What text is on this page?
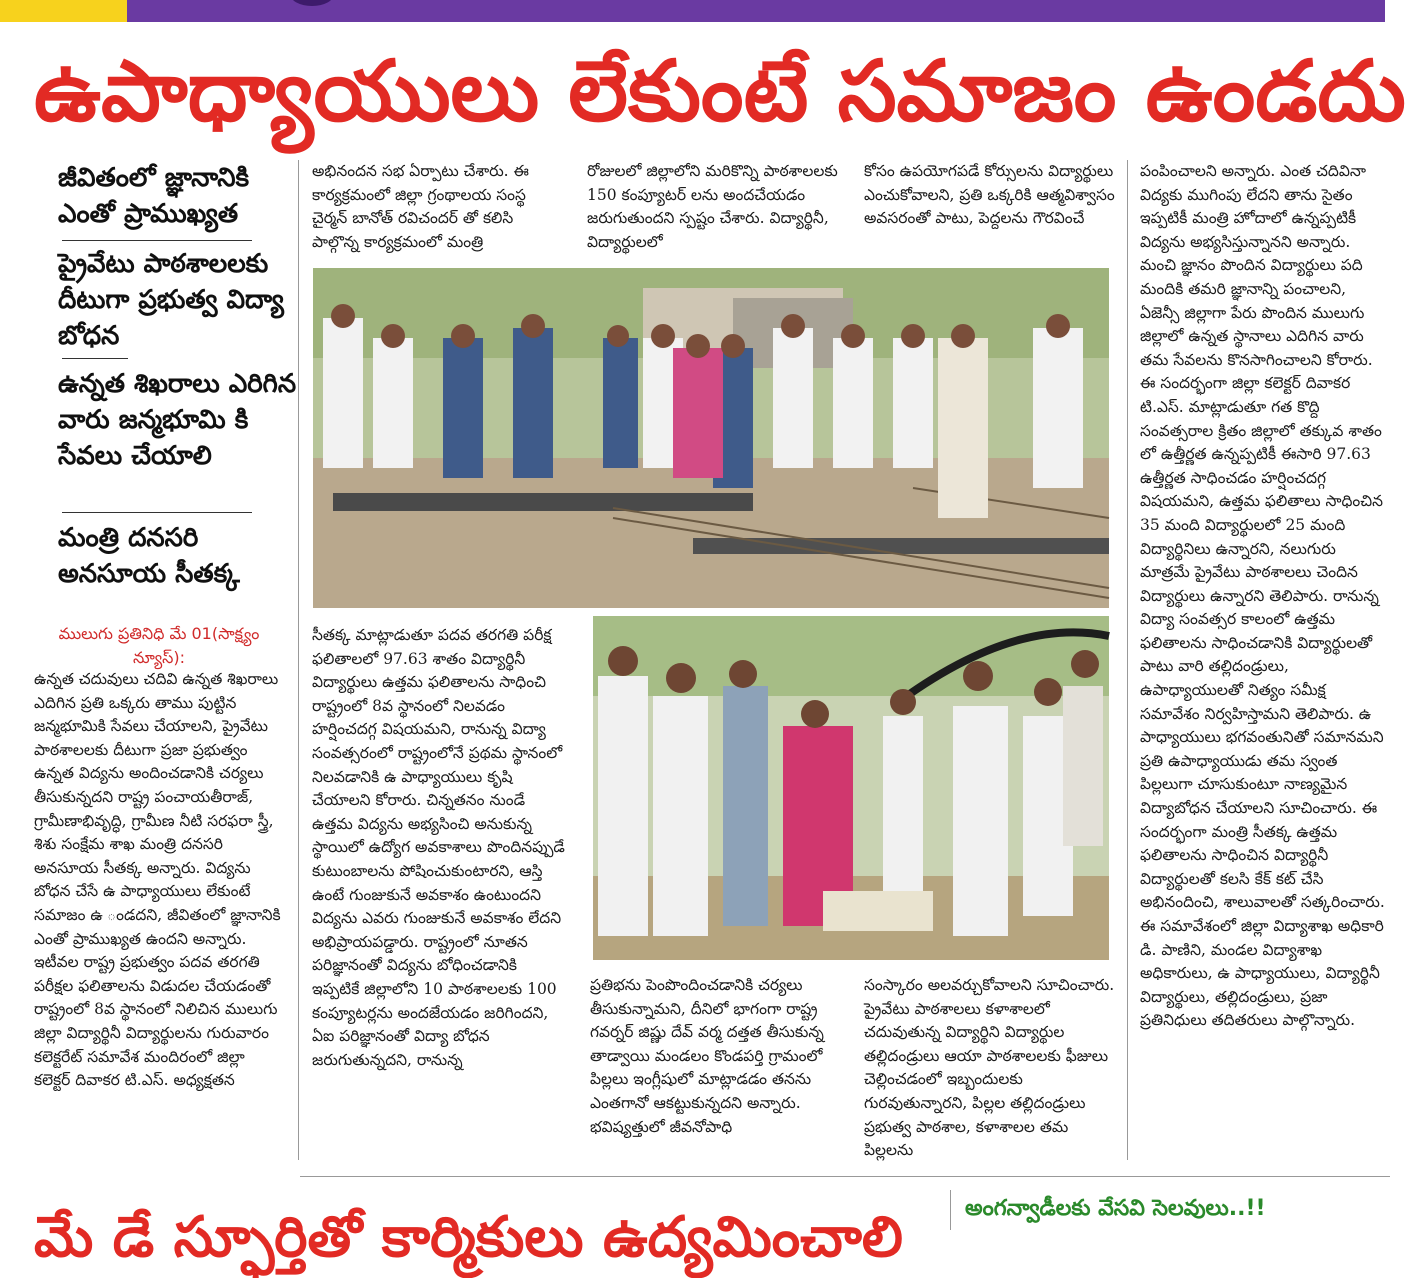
ఉపాధ్యాయులు లేకుంటే సమాజం ఉండదు
జీవితంలో జ్ఞానానికి ఎంతో ప్రాముఖ్యత
ప్రైవేటు పాఠశాలలకు దీటుగా ప్రభుత్వ విద్యా బోధన
ఉన్నత శిఖరాలు ఎరిగిన వారు జన్మభూమి కి సేవలు చేయాలి
మంత్రి దనసరి అనసూయ సీతక్క
ములుగు ప్రతినిధి మే 01(సాక్ష్యం న్యూస్):

ఉన్నత చదువులు చదివి ఉన్నత శిఖరాలు ఎదిగిన ప్రతి ఒక్కరు తాము పుట్టిన జన్మభూమికి సేవలు చేయాలని, ప్రైవేటు పాఠశాలలకు దీటుగా ప్రజా ప్రభుత్వం ఉన్నత విద్యను అందించడానికి చర్యలు తీసుకున్నదని రాష్ట్ర పంచాయతీరాజ్, గ్రామీణాభివృద్ధి, గ్రామీణ నీటి సరఫరా స్త్రీ, శిశు సంక్షేమ శాఖ మంత్రి దనసరి అనసూయ సీతక్క అన్నారు. విద్యను బోధన చేసే ఉ పాధ్యాయులు లేకుంటే సమాజం ఉ ండదని, జీవితంలో జ్ఞానానికి ఎంతో ప్రాముఖ్యత ఉందని అన్నారు. ఇటీవల రాష్ట్ర ప్రభుత్వం పదవ తరగతి పరీక్షల ఫలితాలను విడుదల చేయడంతో రాష్ట్రంలో 8వ స్థానంలో నిలిచిన ములుగు జిల్లా విద్యార్థినీ విద్యార్థులను గురువారం కలెక్టరేట్ సమావేశ మందిరంలో జిల్లా కలెక్టర్ దివాకర టి.ఎస్. అధ్యక్షతన

అభినందన సభ ఏర్పాటు చేశారు. ఈ కార్యక్రమంలో జిల్లా గ్రంథాలయ సంస్థ చైర్మన్ బానోత్ రవిచందర్ తో కలిసి పాల్గొన్న కార్యక్రమంలో మంత్రి

రోజులలో జిల్లాలోని మరికొన్ని పాఠశాలలకు 150 కంప్యూటర్ లను అందచేయడం జరుగుతుందని స్పష్టం చేశారు. విద్యార్థినీ, విద్యార్థులలో

కోసం ఉపయోగపడే కోర్సులను విద్యార్థులు ఎంచుకోవాలని, ప్రతి ఒక్కరికి ఆత్మవిశ్వాసం అవసరంతో పాటు, పెద్దలను గౌరవించే

సీతక్క మాట్లాడుతూ పదవ తరగతి పరీక్ష ఫలితాలలో 97.63 శాతం విద్యార్థినీ విద్యార్థులు ఉత్తమ ఫలితాలను సాధించి రాష్ట్రంలో 8వ స్థానంలో నిలవడం హర్షించదగ్గ విషయమని, రానున్న విద్యా సంవత్సరంలో రాష్ట్రంలోనే ప్రథమ స్థానంలో నిలవడానికి ఉ పాధ్యాయులు కృషి చేయాలని కోరారు. చిన్నతనం నుండే ఉత్తమ విద్యను అభ్యసించి అనుకున్న స్థాయిలో ఉద్యోగ అవకాశాలు పొందినప్పుడే కుటుంబాలను పోషించుకుంటారని, ఆస్తి ఉంటే గుంజుకునే అవకాశం ఉంటుందని విద్యను ఎవరు గుంజుకునే అవకాశం లేదని అభిప్రాయపడ్డారు. రాష్ట్రంలో నూతన పరిజ్ఞానంతో విద్యను బోధించడానికి ఇప్పటికే జిల్లాలోని 10 పాఠశాలలకు 100 కంప్యూటర్లను అందజేయడం జరిగిందని, ఏఐ పరిజ్ఞానంతో విద్యా బోధన జరుగుతున్నదని, రానున్న

ప్రతిభను పెంపొందించడానికి చర్యలు తీసుకున్నామని, దీనిలో భాగంగా రాష్ట్ర గవర్నర్ జిష్ణు దేవ్ వర్మ దత్తత తీసుకున్న తాడ్వాయి మండలం కొండపర్తి గ్రామంలో పిల్లలు ఇంగ్లీషులో మాట్లాడడం తనను ఎంతగానో ఆకట్టుకున్నదని అన్నారు. భవిష్యత్తులో జీవనోపాధి

సంస్కారం అలవర్చుకోవాలని సూచించారు. ప్రైవేటు పాఠశాలలు కళాశాలలో చదువుతున్న విద్యార్థిని విద్యార్థుల తల్లిదండ్రులు ఆయా పాఠశాలలకు ఫీజులు చెల్లించడంలో ఇబ్బందులకు గురవుతున్నారని, పిల్లల తల్లిదండ్రులు ప్రభుత్వ పాఠశాల, కళాశాలల తమ పిల్లలను

పంపించాలని అన్నారు. ఎంత చదివినా విద్యకు ముగింపు లేదని తాను సైతం ఇప్పటికీ మంత్రి హోదాలో ఉన్నప్పటికీ విద్యను అభ్యసిస్తున్నానని అన్నారు. మంచి జ్ఞానం పొందిన విద్యార్థులు పది మందికి తమరి జ్ఞానాన్ని పంచాలని, ఏజెన్సీ జిల్లాగా పేరు పొందిన ములుగు జిల్లాలో ఉన్నత స్థానాలు ఎదిగిన వారు తమ సేవలను కొనసాగించాలని కోరారు. ఈ సందర్భంగా జిల్లా కలెక్టర్ దివాకర టి.ఎస్. మాట్లాడుతూ గత కొద్ది సంవత్సరాల క్రితం జిల్లాలో తక్కువ శాతం లో ఉత్తీర్ణత ఉన్నప్పటికీ ఈసారి 97.63 ఉత్తీర్ణత సాధించడం హర్షించదగ్గ విషయమని, ఉత్తమ ఫలితాలు సాధించిన 35 మంది విద్యార్థులలో 25 మంది విద్యార్థినిలు ఉన్నారని, నలుగురు మాత్రమే ప్రైవేటు పాఠశాలలు చెందిన విద్యార్థులు ఉన్నారని తెలిపారు. రానున్న విద్యా సంవత్సర కాలంలో ఉత్తమ ఫలితాలను సాధించడానికి విద్యార్థులతో పాటు వారి తల్లిదండ్రులు, ఉపాధ్యాయులతో నిత్యం సమీక్ష సమావేశం నిర్వహిస్తామని తెలిపారు. ఉ పాధ్యాయులు భగవంతునితో సమానమని ప్రతి ఉపాధ్యాయుడు తమ స్వంత పిల్లలుగా చూసుకుంటూ నాణ్యమైన విద్యాబోధన చేయాలని సూచించారు. ఈ సందర్భంగా మంత్రి సీతక్క ఉత్తమ ఫలితాలను సాధించిన విద్యార్థినీ విద్యార్థులతో కలసి కేక్ కట్ చేసి అభినందించి, శాలువాలతో సత్కరించారు. ఈ సమావేశంలో జిల్లా విద్యాశాఖ అధికారి డి. పాణిని, మండల విద్యాశాఖ అధికారులు, ఉ పాధ్యాయులు, విద్యార్థినీ విద్యార్థులు, తల్లిదండ్రులు, ప్రజా ప్రతినిధులు తదితరులు పాల్గొన్నారు.

మే డే స్ఫూర్తితో కార్మికులు ఉద్యమించాలి	అంగన్వాడీలకు వేసవి సెలవులు..!!
